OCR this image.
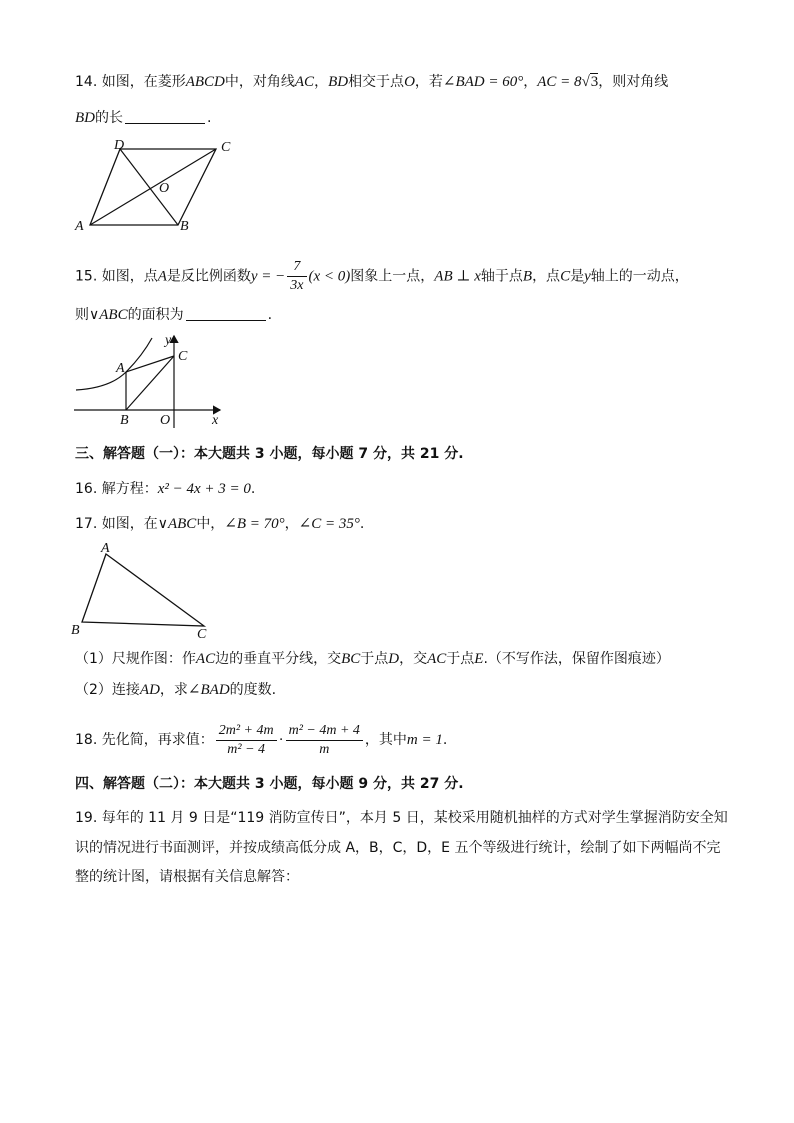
14. 如图，在菱形ABCD中，对角线AC，BD相交于点O，若∠BAD = 60°，AC = 8√3，则对角线
BD的长	.
D	C
O
A	B
15. 如图，点A是反比例函数y = − $\frac{7}{3x} (x < 0)$图象上一点，AB ⊥ x轴于点B，点C是y轴上的一动点，
则∨ABC的面积为	.
y
A
C
B O	x
三、解答题（一）：本大题共 3 小题，每小题 7 分，共 21 分.
16. 解方程：x² − 4x + 3 = 0.
17. 如图，在∨ABC中，∠B = 70°，∠C = 35°.
A
B	C
（1）尺规作图：作AC边的垂直平分线，交BC于点D，交AC于点E.（不写作法，保留作图痕迹）
（2）连接AD，求∠BAD的度数.
18. 先化简，再求值： $\frac{\text{2m² + 4m}}{\text{m² − 4}} \cdot \frac{\text{m² − 4m + 4}}{m}$ ，其中m = 1.
四、解答题（二）：本大题共 3 小题，每小题 9 分，共 27 分.
19. 每年的 11 月 9 日是“119 消防宣传日”，本月 5 日，某校采用随机抽样的方式对学生掌握消防安全知
识的情况进行书面测评，并按成绩高低分成 A，B，C，D，E 五个等级进行统计，绘制了如下两幅尚不完
整的统计图，请根据有关信息解答：
